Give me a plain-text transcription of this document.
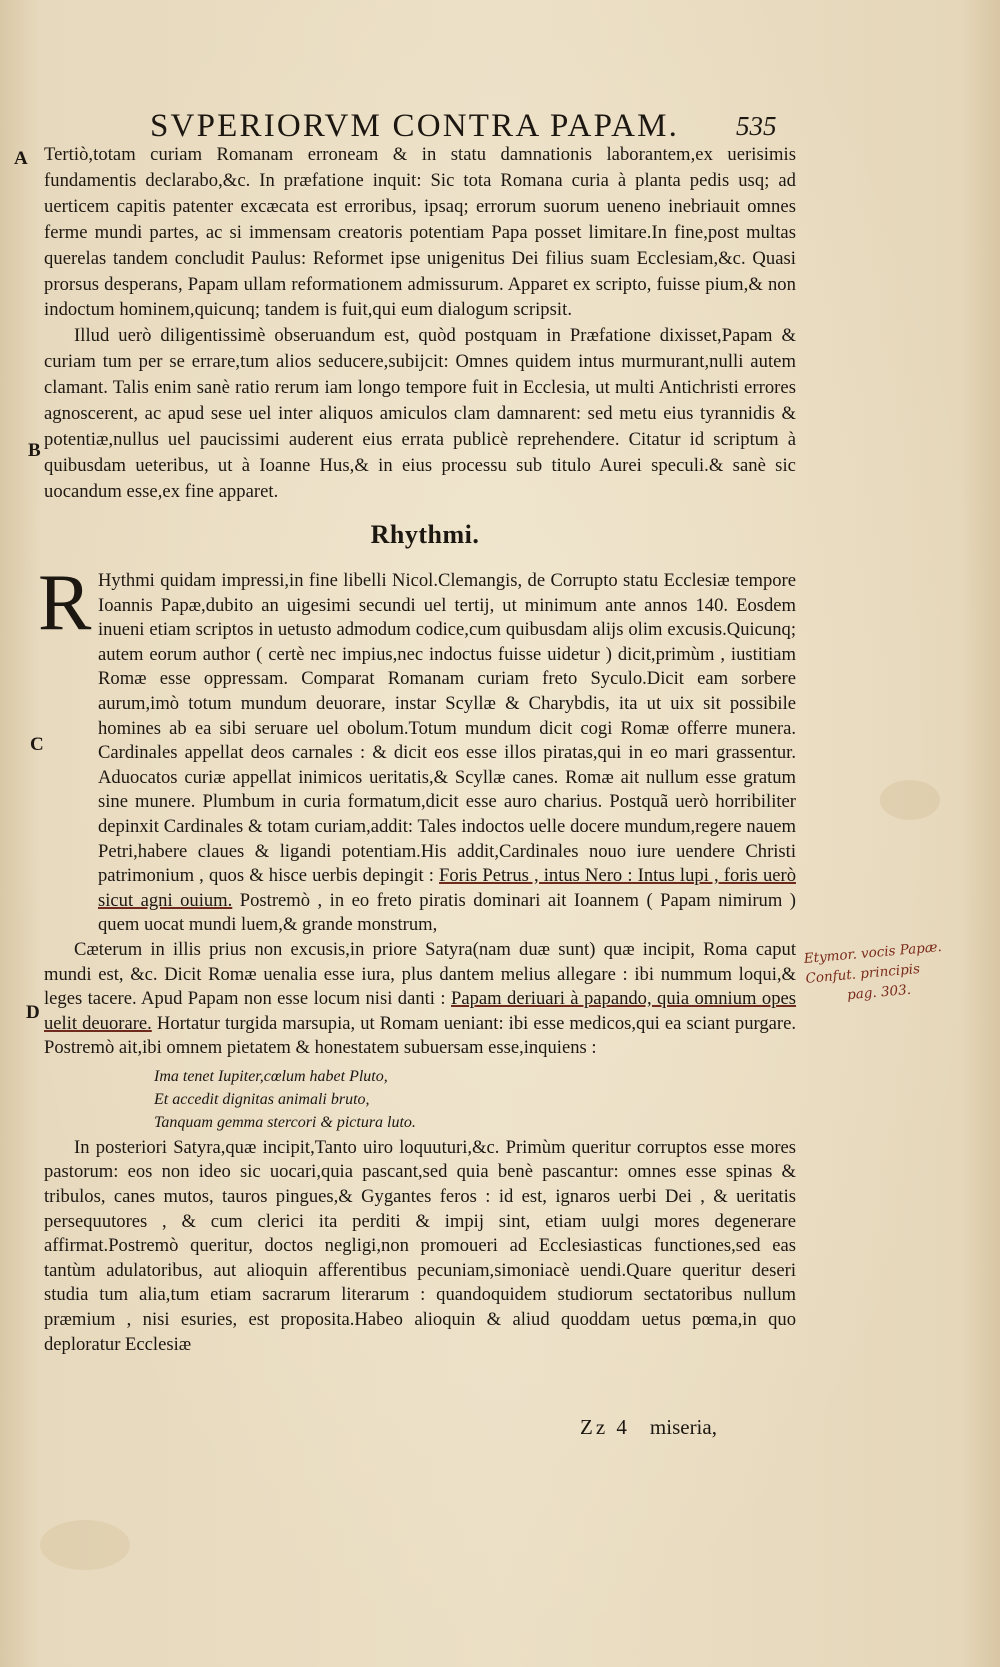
SVPERIORVM CONTRA PAPAM.	535
A
B
C
D

Tertiò,totam curiam Romanam erroneam & in statu damnationis laborantem,ex uerisimis fundamentis declarabo,&c. In præfatione inquit: Sic tota Romana curia à planta pedis usq; ad uerticem capitis patenter excæcata est erroribus, ipsaq; errorum suorum ueneno inebriauit omnes ferme mundi partes, ac si immensam creatoris potentiam Papa posset limitare.In fine,post multas querelas tandem concludit Paulus: Reformet ipse unigenitus Dei filius suam Ecclesiam,&c. Quasi prorsus desperans, Papam ullam reformationem admissurum. Apparet ex scripto, fuisse pium,& non indoctum hominem,quicunq; tandem is fuit,qui eum dialogum scripsit.

Illud uerò diligentissimè obseruandum est, quòd postquam in Præfatione dixisset,Papam & curiam tum per se errare,tum alios seducere,subijcit: Omnes quidem intus murmurant,nulli autem clamant. Talis enim sanè ratio rerum iam longo tempore fuit in Ecclesia, ut multi Antichristi errores agnoscerent, ac apud sese uel inter aliquos amiculos clam damnarent: sed metu eius tyrannidis & potentiæ,nullus uel paucissimi auderent eius errata publicè reprehendere. Citatur id scriptum à quibusdam ueteribus, ut à Ioanne Hus,& in eius processu sub titulo Aurei speculi.& sanè sic uocandum esse,ex fine apparet.

Rhythmi.
R Hythmi quidam impressi,in fine libelli Nicol.Clemangis, de Corrupto statu Ecclesiæ tempore Ioannis Papæ,dubito an uigesimi secundi uel tertij, ut minimum ante annos 140. Eosdem inueni etiam scriptos in uetusto admodum codice,cum quibusdam alijs olim excusis.Quicunq; autem eorum author ( certè nec impius,nec indoctus fuisse uidetur ) dicit,primùm , iustitiam Romæ esse oppressam. Comparat Romanam curiam freto Syculo.Dicit eam sorbere aurum,imò totum mundum deuorare, instar Scyllæ & Charybdis, ita ut uix sit possibile homines ab ea sibi seruare uel obolum.Totum mundum dicit cogi Romæ offerre munera. Cardinales appellat deos carnales : & dicit eos esse illos piratas,qui in eo mari grassentur. Aduocatos curiæ appellat inimicos ueritatis,& Scyllæ canes. Romæ ait nullum esse gratum sine munere. Plumbum in curia formatum,dicit esse auro charius. Postquã uerò horribiliter depinxit Cardinales & totam curiam,addit: Tales indoctos uelle docere mundum,regere nauem Petri,habere claues & ligandi potentiam.His addit,Cardinales nouo iure uendere Christi patrimonium , quos & hisce uerbis depingit : Foris Petrus , intus Nero : Intus lupi , foris uerò sicut agni ouium. Postremò , in eo freto piratis dominari ait Ioannem ( Papam nimirum ) quem uocat mundi luem,& grande monstrum,

Cæterum in illis prius non excusis,in priore Satyra(nam duæ sunt) quæ incipit, Roma caput mundi est, &c. Dicit Romæ uenalia esse iura, plus dantem melius allegare : ibi nummum loqui,& leges tacere. Apud Papam non esse locum nisi danti : Papam deriuari à papando, quia omnium opes uelit deuorare. Hortatur turgida marsupia, ut Romam ueniant: ibi esse medicos,qui ea sciant purgare. Postremò ait,ibi omnem pietatem & honestatem subuersam esse,inquiens :

Ima tenet Iupiter,cœlum habet Pluto,
Et accedit dignitas animali bruto,
Tanquam gemma stercori & pictura luto.

In posteriori Satyra,quæ incipit,Tanto uiro loquuturi,&c. Primùm queritur corruptos esse mores pastorum: eos non ideo sic uocari,quia pascant,sed quia benè pascantur: omnes esse spinas & tribulos, canes mutos, tauros pingues,& Gygantes feros : id est, ignaros uerbi Dei , & ueritatis persequutores , & cum clerici ita perditi & impij sint, etiam uulgi mores degenerare affirmat.Postremò queritur, doctos negligi,non promoueri ad Ecclesiasticas functiones,sed eas tantùm adulatoribus, aut alioquin afferentibus pecuniam,simoniacè uendi.Quare queritur deseri studia tum alia,tum etiam sacrarum literarum : quandoquidem studiorum sectatoribus nullum præmium , nisi esuries, est proposita.Habeo alioquin & aliud quoddam uetus pœma,in quo deploratur Ecclesiæ

Etymor. vocis Papæ.
Confut. principis
pag. 303.
Zz 4 miseria,
